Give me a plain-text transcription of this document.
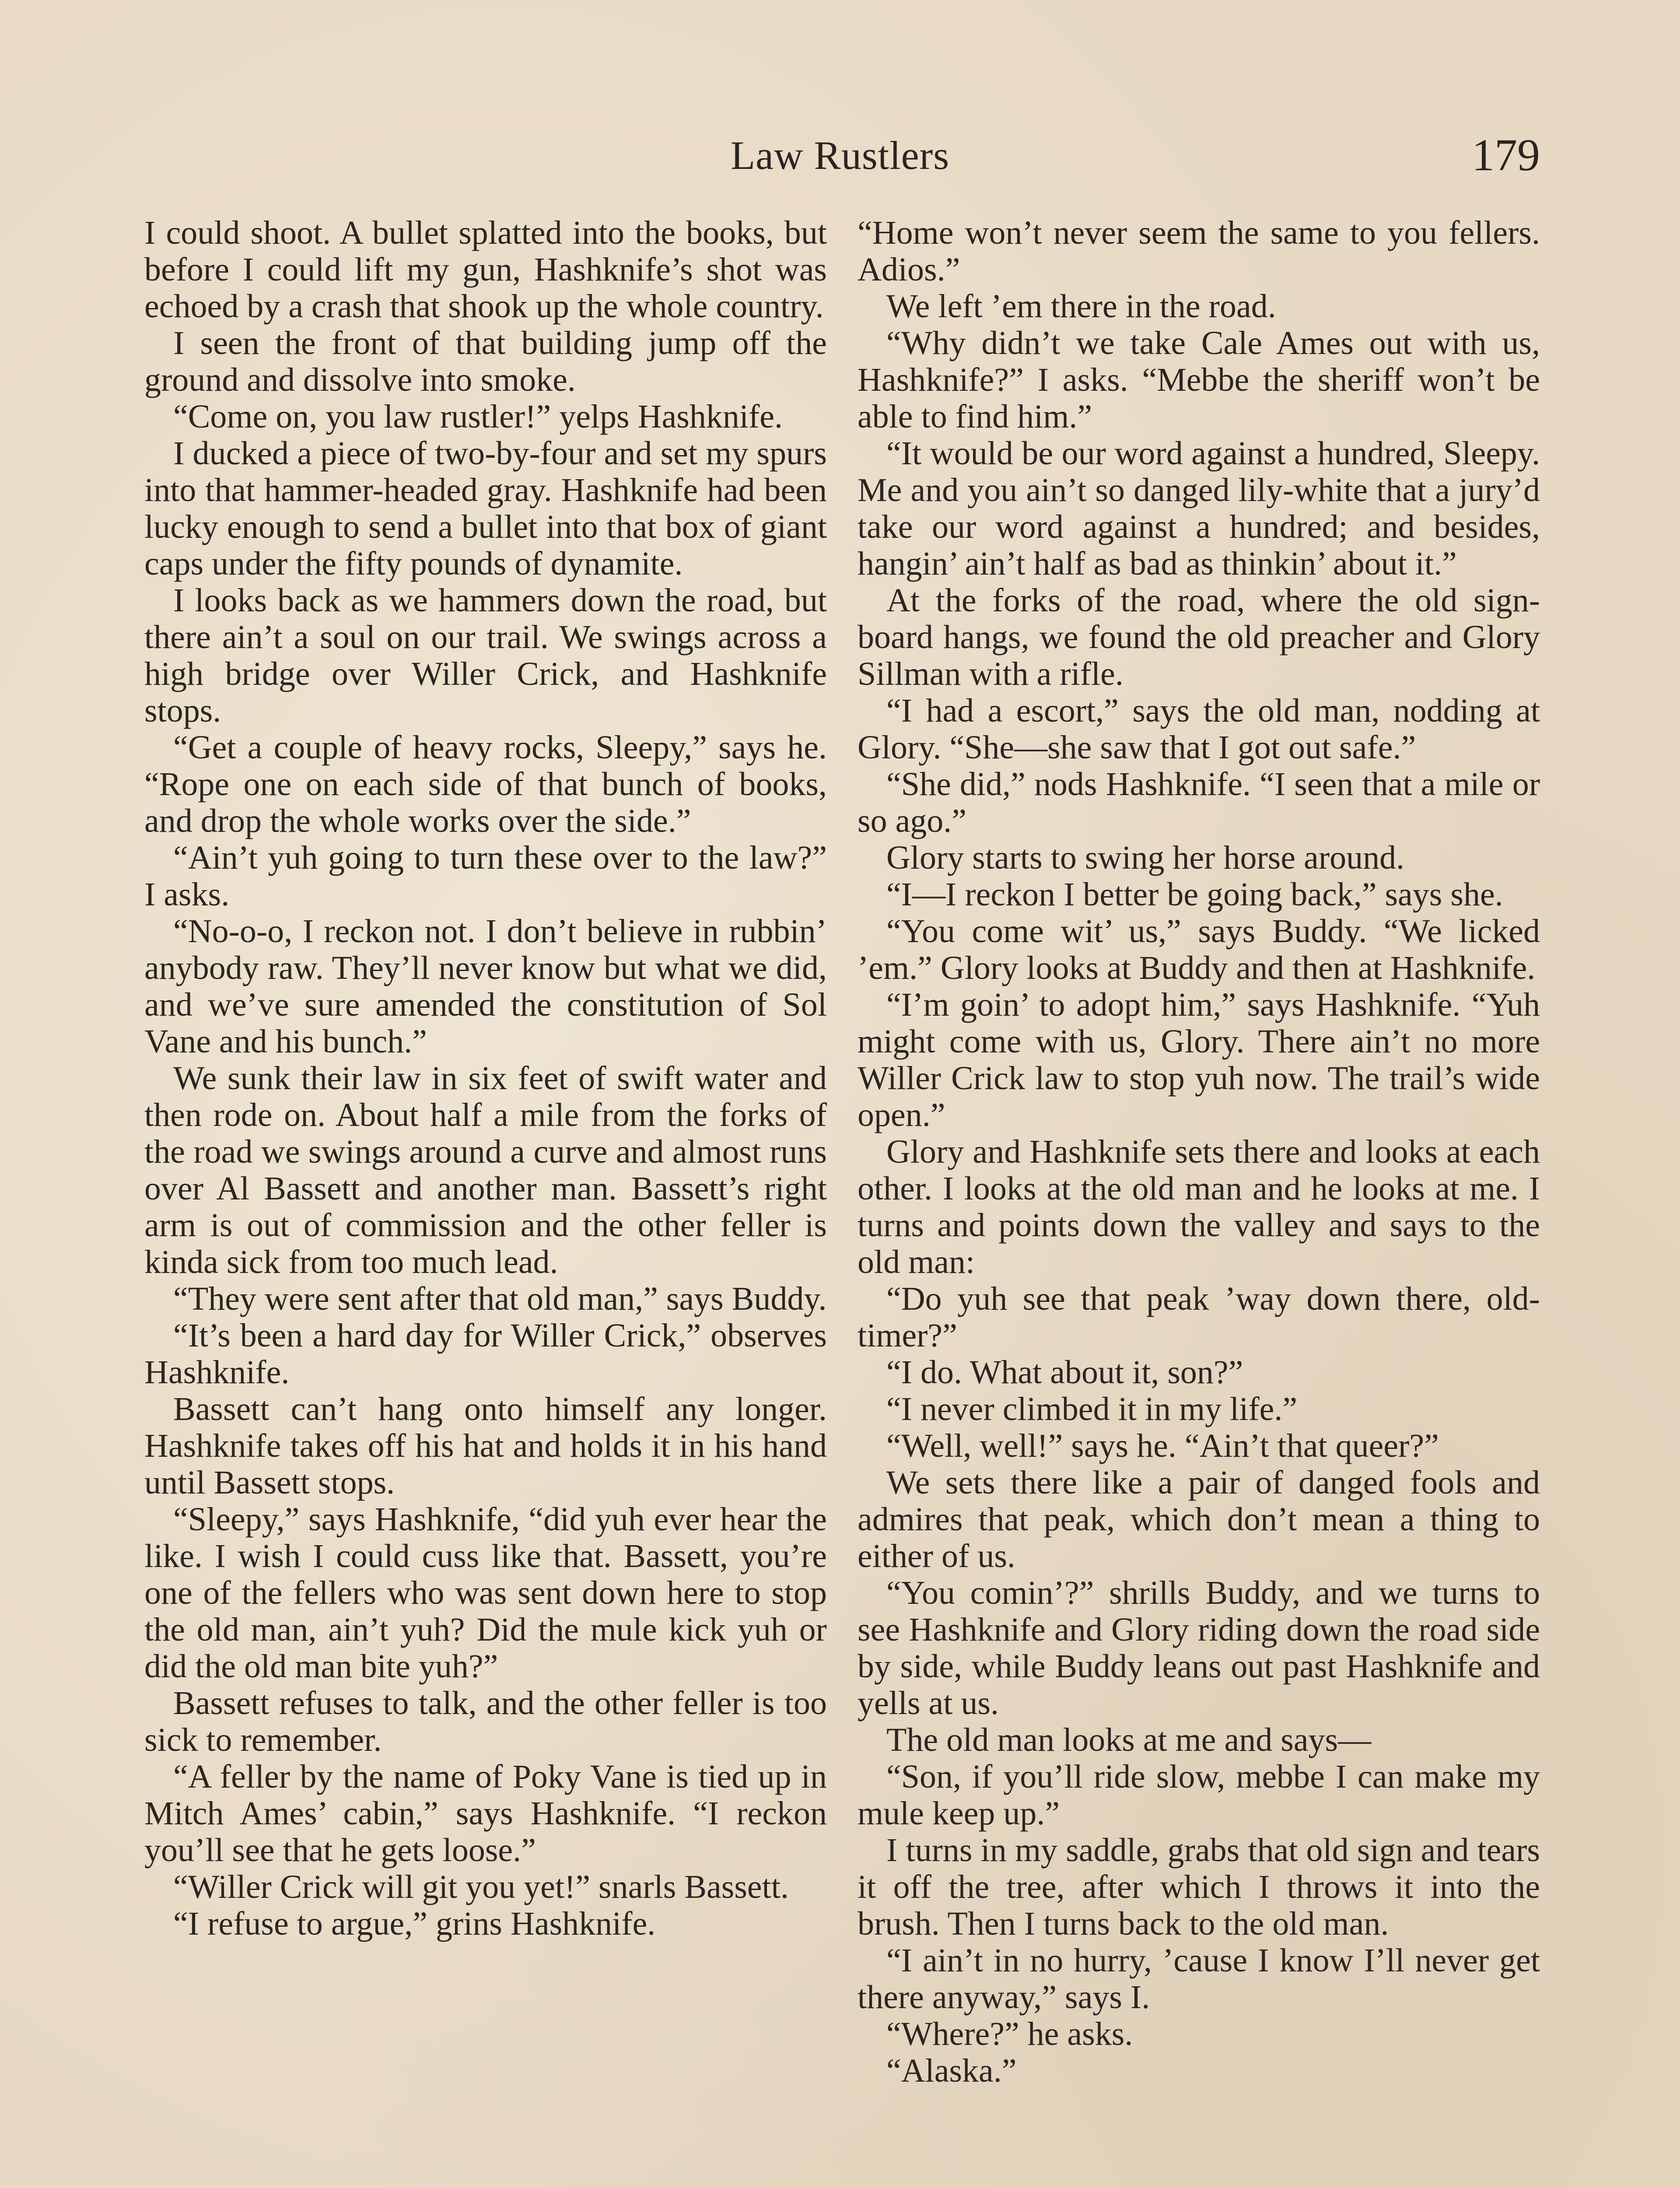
Law Rustlers	179

I could shoot. A bullet splatted into the books, but before I could lift my gun, Hashknife’s shot was echoed by a crash that shook up the whole country.

I seen the front of that building jump off the ground and dissolve into smoke.

“Come on, you law rustler!” yelps Hashknife.

I ducked a piece of two-by-four and set my spurs into that hammer-headed gray. Hashknife had been lucky enough to send a bullet into that box of giant caps under the fifty pounds of dynamite.

I looks back as we hammers down the road, but there ain’t a soul on our trail. We swings across a high bridge over Willer Crick, and Hashknife stops.

“Get a couple of heavy rocks, Sleepy,” says he. “Rope one on each side of that bunch of books, and drop the whole works over the side.”

“Ain’t yuh going to turn these over to the law?” I asks.

“No-o-o, I reckon not. I don’t believe in rubbin’ anybody raw. They’ll never know but what we did, and we’ve sure amended the constitution of Sol Vane and his bunch.”

We sunk their law in six feet of swift water and then rode on. About half a mile from the forks of the road we swings around a curve and almost runs over Al Bassett and another man. Bassett’s right arm is out of commission and the other feller is kinda sick from too much lead.

“They were sent after that old man,” says Buddy.

“It’s been a hard day for Willer Crick,” observes Hashknife.

Bassett can’t hang onto himself any longer. Hashknife takes off his hat and holds it in his hand until Bassett stops.

“Sleepy,” says Hashknife, “did yuh ever hear the like. I wish I could cuss like that. Bassett, you’re one of the fellers who was sent down here to stop the old man, ain’t yuh? Did the mule kick yuh or did the old man bite yuh?”

Bassett refuses to talk, and the other feller is too sick to remember.

“A feller by the name of Poky Vane is tied up in Mitch Ames’ cabin,” says Hashknife. “I reckon you’ll see that he gets loose.”

“Willer Crick will git you yet!” snarls Bassett.

“I refuse to argue,” grins Hashknife.

“Home won’t never seem the same to you fellers. Adios.”

We left ’em there in the road.

“Why didn’t we take Cale Ames out with us, Hashknife?” I asks. “Mebbe the sheriff won’t be able to find him.”

“It would be our word against a hundred, Sleepy. Me and you ain’t so danged lily-white that a jury’d take our word against a hundred; and besides, hangin’ ain’t half as bad as thinkin’ about it.”

At the forks of the road, where the old sign-board hangs, we found the old preacher and Glory Sillman with a rifle.

“I had a escort,” says the old man, nodding at Glory. “She—she saw that I got out safe.”

“She did,” nods Hashknife. “I seen that a mile or so ago.”

Glory starts to swing her horse around.

“I—I reckon I better be going back,” says she.

“You come wit’ us,” says Buddy. “We licked ’em.” Glory looks at Buddy and then at Hashknife.

“I’m goin’ to adopt him,” says Hashknife. “Yuh might come with us, Glory. There ain’t no more Willer Crick law to stop yuh now. The trail’s wide open.”

Glory and Hashknife sets there and looks at each other. I looks at the old man and he looks at me. I turns and points down the valley and says to the old man:

“Do yuh see that peak ’way down there, old-timer?”

“I do. What about it, son?”

“I never climbed it in my life.”

“Well, well!” says he. “Ain’t that queer?”

We sets there like a pair of danged fools and admires that peak, which don’t mean a thing to either of us.

“You comin’?” shrills Buddy, and we turns to see Hashknife and Glory riding down the road side by side, while Buddy leans out past Hashknife and yells at us.

The old man looks at me and says—

“Son, if you’ll ride slow, mebbe I can make my mule keep up.”

I turns in my saddle, grabs that old sign and tears it off the tree, after which I throws it into the brush. Then I turns back to the old man.

“I ain’t in no hurry, ’cause I know I’ll never get there anyway,” says I.

“Where?” he asks.

“Alaska.”
